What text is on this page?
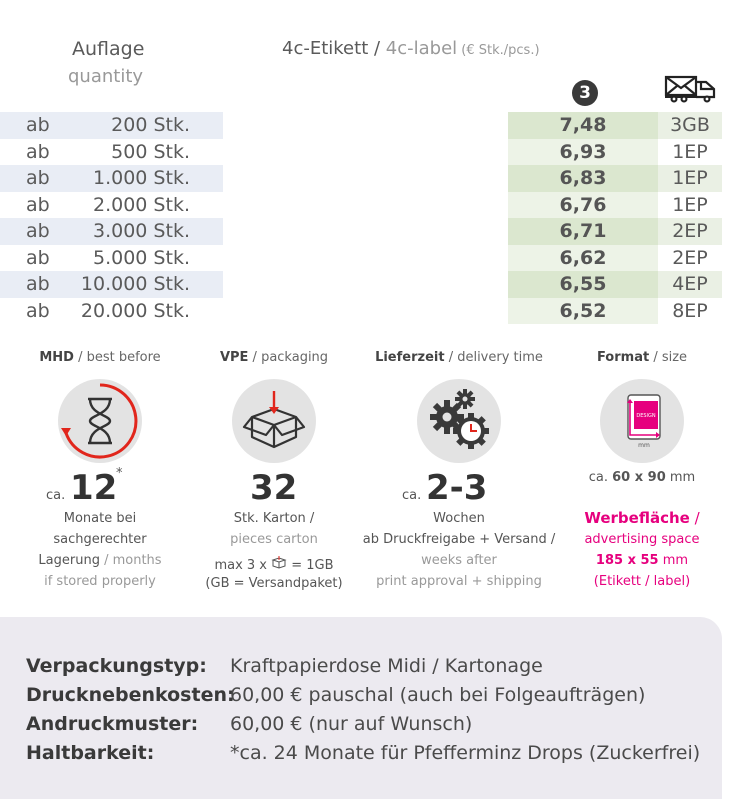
Auflage
quantity
4c-Etikett / 4c-label (€ Stk./pcs.)
3
ab	200 Stk.	7,48	3GB
ab	500 Stk.	6,93	1EP
ab	1.000 Stk.	6,83	1EP
ab	2.000 Stk.	6,76	1EP
ab	3.000 Stk.	6,71	2EP
ab	5.000 Stk.	6,62	2EP
ab	10.000 Stk.	6,55	4EP
ab	20.000 Stk.	6,52	8EP
MHD / best before
ca. 12
*
Monate bei
sachgerechter
Lagerung / months
if stored properly
VPE / packaging
32
Stk. Karton /
pieces carton
max 3 x  = 1GB
(GB = Versandpaket)
Lieferzeit / delivery time
ca. 2-3
Wochen
ab Druckfreigabe + Versand /
weeks after
print approval + shipping
Format / size
DESIGN
mm
ca. 60 x 90 mm
Werbefläche /
advertising space
185 x 55 mm
(Etikett / label)
Verpackungstyp: Kraftpapierdose Midi / Kartonage
Drucknebenkosten:60,00 € pauschal (auch bei Folgeaufträgen)
Andruckmuster: 60,00 € (nur auf Wunsch)
Haltbarkeit:	*ca. 24 Monate für Pfefferminz Drops (Zuckerfrei)
